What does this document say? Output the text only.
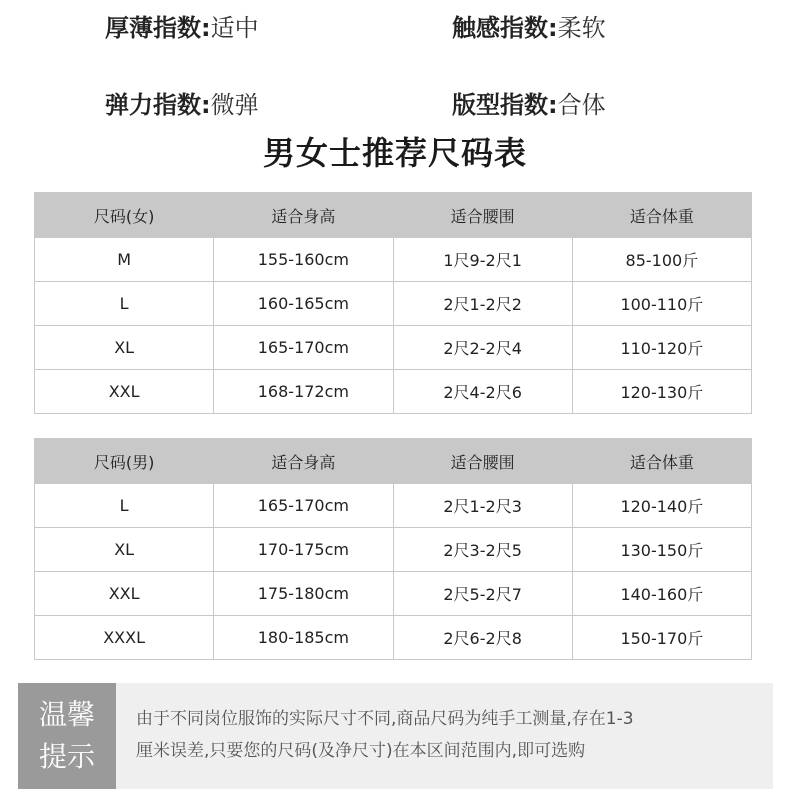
厚薄指数:适中	触感指数:柔软
弹力指数:微弹	版型指数:合体
男女士推荐尺码表
尺码(女)	适合身高	适合腰围	适合体重
M	155-160cm	1尺9-2尺1	85-100斤
L	160-165cm	2尺1-2尺2	100-110斤
XL	165-170cm	2尺2-2尺4	110-120斤
XXL	168-172cm	2尺4-2尺6	120-130斤
尺码(男)	适合身高	适合腰围	适合体重
L	165-170cm	2尺1-2尺3	120-140斤
XL	170-175cm	2尺3-2尺5	130-150斤
XXL	175-180cm	2尺5-2尺7	140-160斤
XXXL	180-185cm	2尺6-2尺8	150-170斤
温馨
提示
由于不同岗位服饰的实际尺寸不同,商品尺码为纯手工测量,存在1-3
厘米误差,只要您的尺码(及净尺寸)在本区间范围内,即可选购
